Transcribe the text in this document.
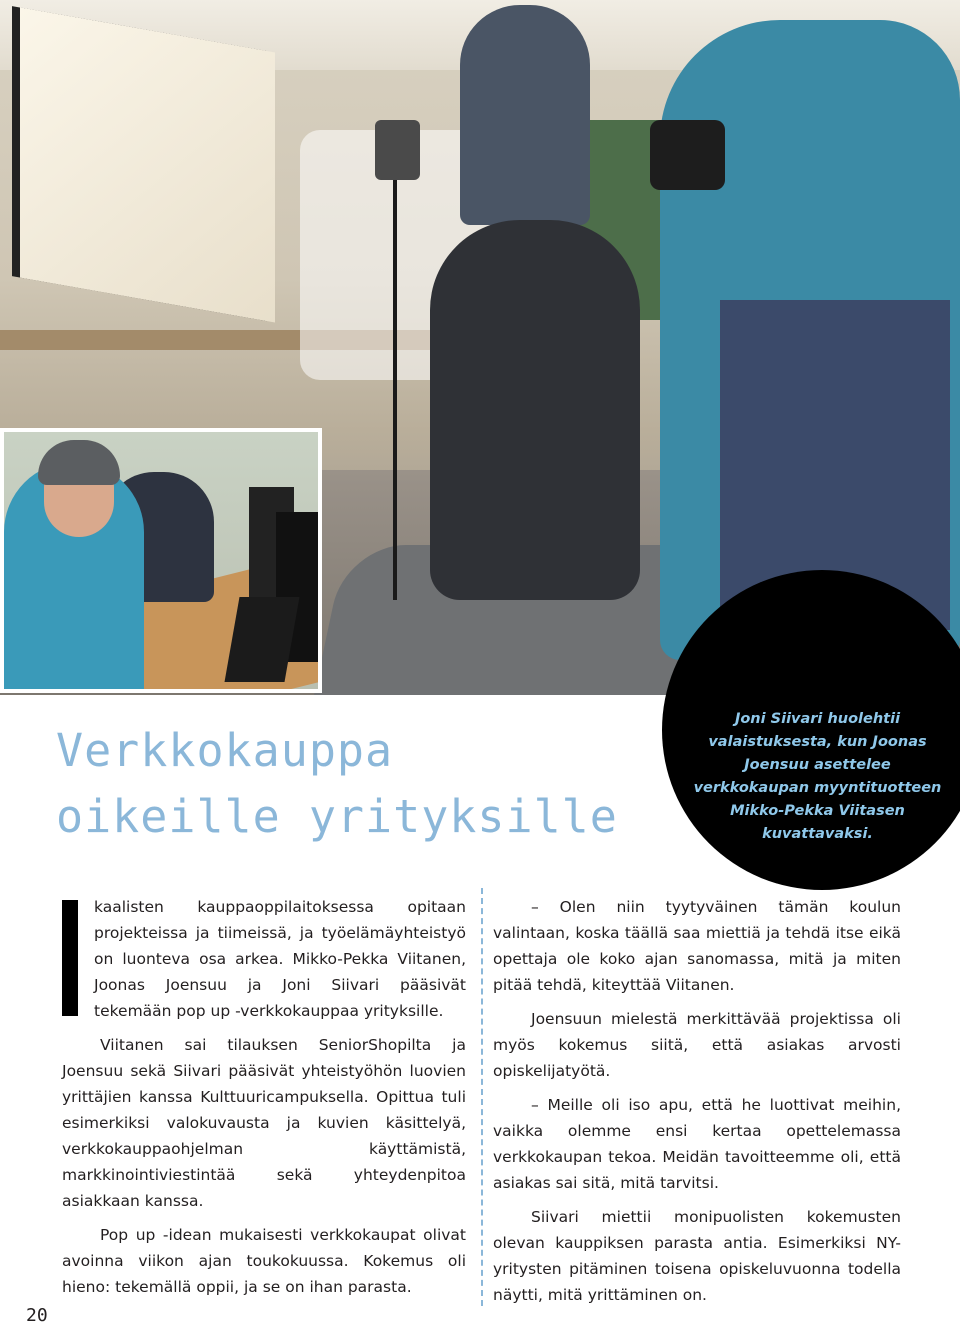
Joni Siivari huolehtii valaistuksesta, kun Joonas Joensuu asettelee verkkokaupan myyntituotteen Mikko-Pekka Viitasen kuvattavaksi.
Verkkokauppa
oikeille yrityksille

kaalisten kauppaoppilaitoksessa opitaan projekteissa ja tiimeissä, ja työelämäyhteistyö on luonteva osa arkea. Mikko-Pekka Viitanen, Joonas Joensuu ja Joni Siivari pääsivät tekemään pop up -verkkokauppaa yrityksille.

Viitanen sai tilauksen SeniorShopilta ja Joensuu sekä Siivari pääsivät yhteistyöhön luovien yrittäjien kanssa Kulttuuricampuksella. Opittua tuli esimerkiksi valokuvausta ja kuvien käsittelyä, verkkokauppaohjelman käyttämistä, markkinointiviestintää sekä yhteydenpitoa asiakkaan kanssa.

Pop up -idean mukaisesti verkkokaupat olivat avoinna viikon ajan toukokuussa. Kokemus oli hieno: tekemällä oppii, ja se on ihan parasta.

– Olen niin tyytyväinen tämän koulun valintaan, koska täällä saa miettiä ja tehdä itse eikä opettaja ole koko ajan sanomassa, mitä ja miten pitää tehdä, kiteyttää Viitanen.

Joensuun mielestä merkittävää projektissa oli myös kokemus siitä, että asiakas arvosti opiskelijatyötä.

– Meille oli iso apu, että he luottivat meihin, vaikka olemme ensi kertaa opettelemassa verkkokaupan tekoa. Meidän tavoitteemme oli, että asiakas sai sitä, mitä tarvitsi.

Siivari miettii monipuolisten kokemusten olevan kauppiksen parasta antia. Esimerkiksi NY-yritysten pitäminen toisena opiskeluvuonna todella näytti, mitä yrittäminen on.

20
